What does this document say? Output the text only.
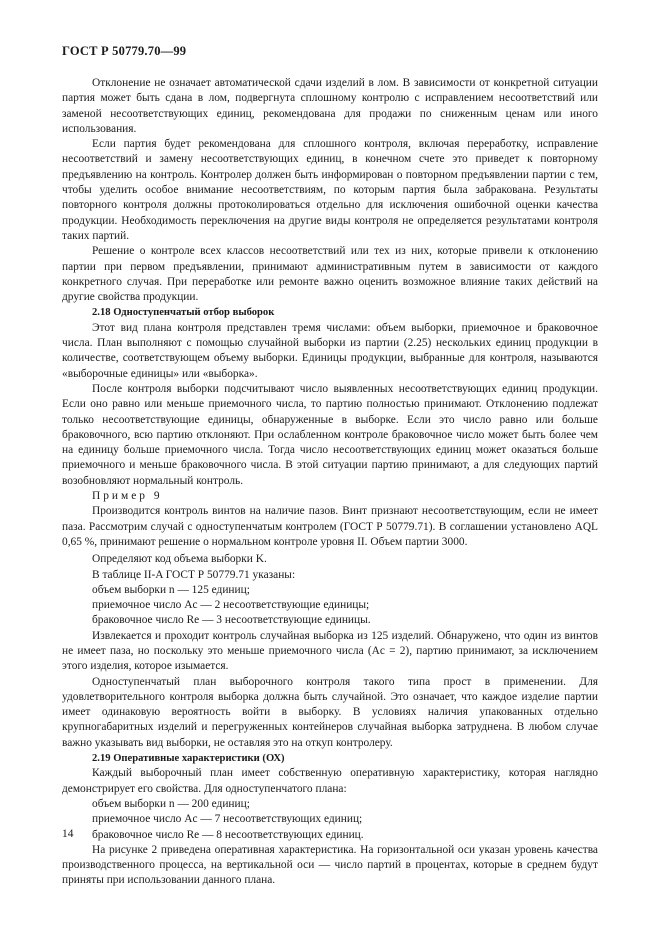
ГОСТ Р 50779.70—99

Отклонение не означает автоматической сдачи изделий в лом. В зависимости от конкретной ситуации партия может быть сдана в лом, подвергнута сплошному контролю с исправлением несоответствий или заменой несоответствующих единиц, рекомендована для продажи по сниженным ценам или иного использования.

Если партия будет рекомендована для сплошного контроля, включая переработку, исправление несоответствий и замену несоответствующих единиц, в конечном счете это приведет к повторному предъявлению на контроль. Контролер должен быть информирован о повторном предъявлении партии с тем, чтобы уделить особое внимание несоответствиям, по которым партия была забракована. Результаты повторного контроля должны протоколироваться отдельно для исключения ошибочной оценки качества продукции. Необходимость переключения на другие виды контроля не определяется результатами контроля таких партий.

Решение о контроле всех классов несоответствий или тех из них, которые привели к отклонению партии при первом предъявлении, принимают административным путем в зависимости от каждого конкретного случая. При переработке или ремонте важно оценить возможное влияние таких действий на другие свойства продукции.

2.18 Одноступенчатый отбор выборок

Этот вид плана контроля представлен тремя числами: объем выборки, приемочное и браковочное числа. План выполняют с помощью случайной выборки из партии (2.25) нескольких единиц продукции в количестве, соответствующем объему выборки. Единицы продукции, выбранные для контроля, называются «выборочные единицы» или «выборка».

После контроля выборки подсчитывают число выявленных несоответствующих единиц продукции. Если оно равно или меньше приемочного числа, то партию полностью принимают. Отклонению подлежат только несоответствующие единицы, обнаруженные в выборке. Если это число равно или больше браковочного, всю партию отклоняют. При ослабленном контроле браковочное число может быть более чем на единицу больше приемочного числа. Тогда число несоответствующих единиц может оказаться больше приемочного и меньше браковочного числа. В этой ситуации партию принимают, а для следующих партий возобновляют нормальный контроль.

Пример 9

Производится контроль винтов на наличие пазов. Винт признают несоответствующим, если не имеет паза. Рассмотрим случай с одноступенчатым контролем (ГОСТ Р 50779.71). В соглашении установлено AQL 0,65 %, принимают решение о нормальном контроле уровня II. Объем партии 3000.

Определяют код объема выборки K.

В таблице II-A ГОСТ Р 50779.71 указаны:

объем выборки n — 125 единиц;

приемочное число Ac — 2 несоответствующие единицы;

браковочное число Re — 3 несоответствующие единицы.

Извлекается и проходит контроль случайная выборка из 125 изделий. Обнаружено, что один из винтов не имеет паза, но поскольку это меньше приемочного числа (Ac = 2), партию принимают, за исключением этого изделия, которое изымается.

Одноступенчатый план выборочного контроля такого типа прост в применении. Для удовлетворительного контроля выборка должна быть случайной. Это означает, что каждое изделие партии имеет одинаковую вероятность войти в выборку. В условиях наличия упакованных отдельно крупногабаритных изделий и перегруженных контейнеров случайная выборка затруднена. В любом случае важно указывать вид выборки, не оставляя это на откуп контролеру.

2.19 Оперативные характеристики (ОХ)

Каждый выборочный план имеет собственную оперативную характеристику, которая наглядно демонстрирует его свойства. Для одноступенчатого плана:

объем выборки n — 200 единиц;

приемочное число Ac — 7 несоответствующих единиц;

браковочное число Re — 8 несоответствующих единиц.

На рисунке 2 приведена оперативная характеристика. На горизонтальной оси указан уровень качества производственного процесса, на вертикальной оси — число партий в процентах, которые в среднем будут приняты при использовании данного плана.

14
